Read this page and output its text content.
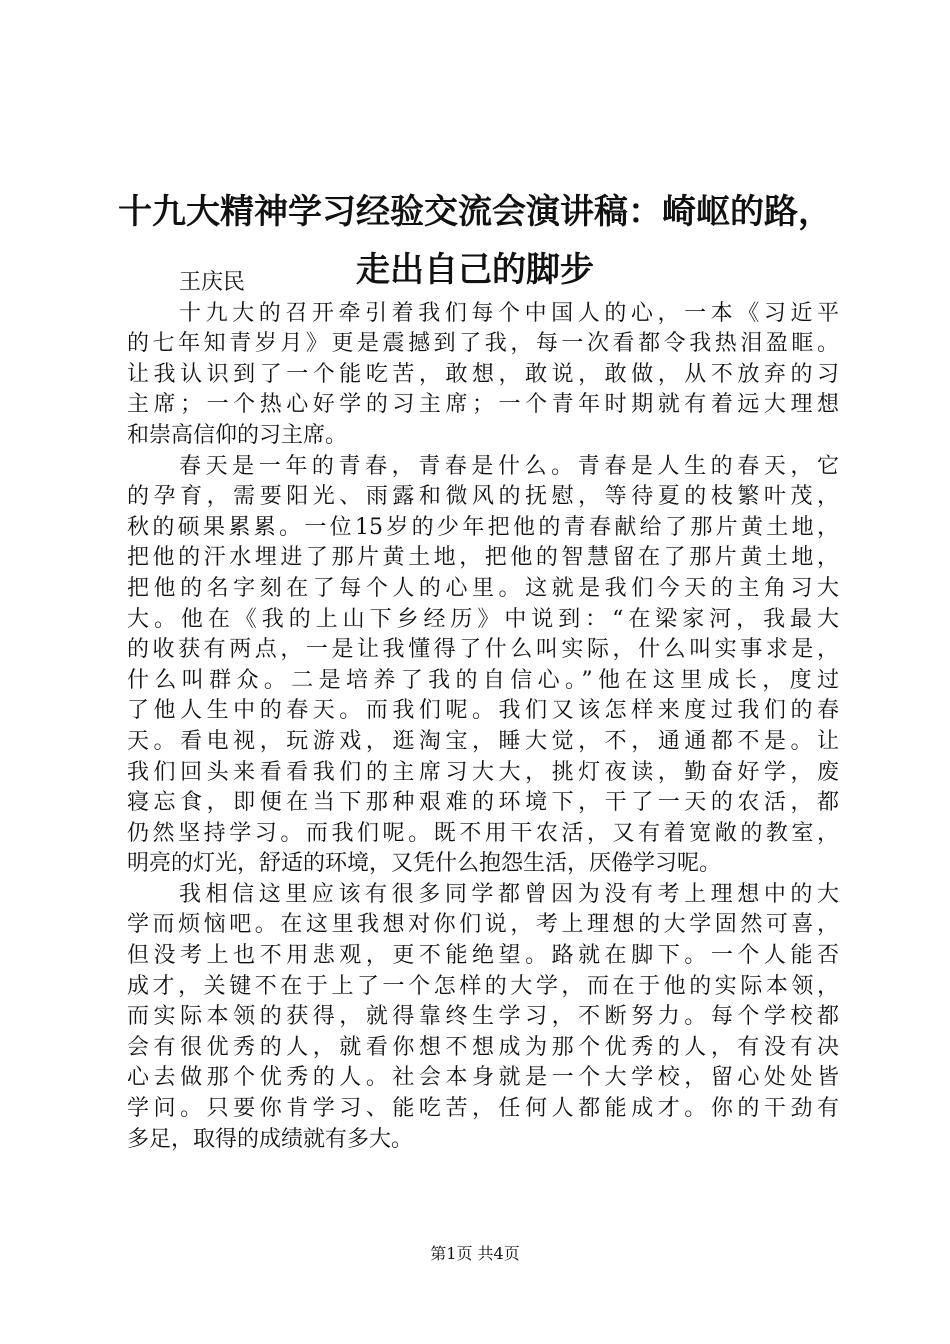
十九大精神学习经验交流会演讲稿：崎岖的路，
走出自己的脚步

王庆民

十九大的召开牵引着我们每个中国人的心，一本《习近平
的七年知青岁月》更是震撼到了我，每一次看都令我热泪盈眶。
让我认识到了一个能吃苦，敢想，敢说，敢做，从不放弃的习
主席；一个热心好学的习主席；一个青年时期就有着远大理想
和崇高信仰的习主席。

春天是一年的青春，青春是什么。青春是人生的春天，它
的孕育，需要阳光、雨露和微风的抚慰，等待夏的枝繁叶茂，
秋的硕果累累。一位15岁的少年把他的青春献给了那片黄土地，
把他的汗水埋进了那片黄土地，把他的智慧留在了那片黄土地，
把他的名字刻在了每个人的心里。这就是我们今天的主角习大
大。他在《我的上山下乡经历》中说到：“在梁家河，我最大
的收获有两点，一是让我懂得了什么叫实际，什么叫实事求是，
什么叫群众。二是培养了我的自信心。”他在这里成长，度过
了他人生中的春天。而我们呢。我们又该怎样来度过我们的春
天。看电视，玩游戏，逛淘宝，睡大觉，不，通通都不是。让
我们回头来看看我们的主席习大大，挑灯夜读，勤奋好学，废
寝忘食，即便在当下那种艰难的环境下，干了一天的农活，都
仍然坚持学习。而我们呢。既不用干农活，又有着宽敞的教室，
明亮的灯光，舒适的环境，又凭什么抱怨生活，厌倦学习呢。

我相信这里应该有很多同学都曾因为没有考上理想中的大
学而烦恼吧。在这里我想对你们说，考上理想的大学固然可喜，
但没考上也不用悲观，更不能绝望。路就在脚下。一个人能否
成才，关键不在于上了一个怎样的大学，而在于他的实际本领，
而实际本领的获得，就得靠终生学习，不断努力。每个学校都
会有很优秀的人，就看你想不想成为那个优秀的人，有没有决
心去做那个优秀的人。社会本身就是一个大学校，留心处处皆
学问。只要你肯学习、能吃苦，任何人都能成才。你的干劲有
多足，取得的成绩就有多大。

第1页 共4页
